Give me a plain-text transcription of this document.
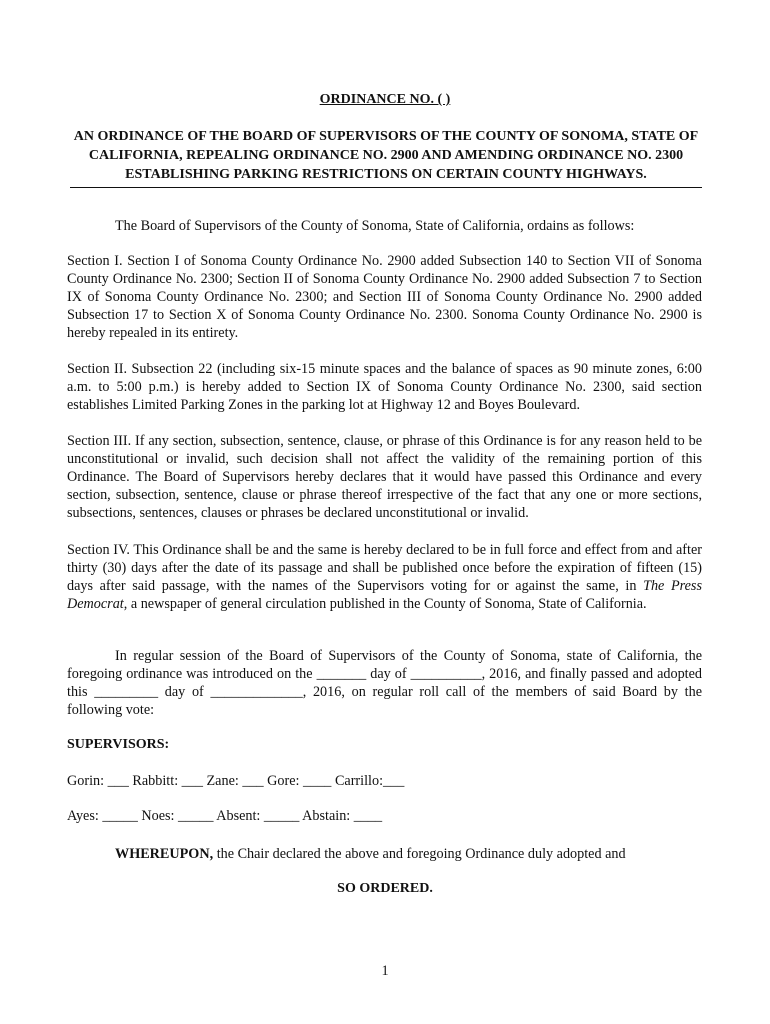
ORDINANCE NO. ( )
AN ORDINANCE OF THE BOARD OF SUPERVISORS OF THE COUNTY OF SONOMA, STATE OF CALIFORNIA, REPEALING ORDINANCE NO. 2900 AND AMENDING ORDINANCE NO. 2300 ESTABLISHING PARKING RESTRICTIONS ON CERTAIN COUNTY HIGHWAYS.

The Board of Supervisors of the County of Sonoma, State of California, ordains as follows:

Section I. Section I of Sonoma County Ordinance No. 2900 added Subsection 140 to Section VII of Sonoma County Ordinance No. 2300; Section II of Sonoma County Ordinance No. 2900 added Subsection 7 to Section IX of Sonoma County Ordinance No. 2300; and Section III of Sonoma County Ordinance No. 2900 added Subsection 17 to Section X of Sonoma County Ordinance No. 2300. Sonoma County Ordinance No. 2900 is hereby repealed in its entirety.

Section II. Subsection 22 (including six-15 minute spaces and the balance of spaces as 90 minute zones, 6:00 a.m. to 5:00 p.m.) is hereby added to Section IX of Sonoma County Ordinance No. 2300, said section establishes Limited Parking Zones in the parking lot at Highway 12 and Boyes Boulevard.

Section III. If any section, subsection, sentence, clause, or phrase of this Ordinance is for any reason held to be unconstitutional or invalid, such decision shall not affect the validity of the remaining portion of this Ordinance. The Board of Supervisors hereby declares that it would have passed this Ordinance and every section, subsection, sentence, clause or phrase thereof irrespective of the fact that any one or more sections, subsections, sentences, clauses or phrases be declared unconstitutional or invalid.

Section IV. This Ordinance shall be and the same is hereby declared to be in full force and effect from and after thirty (30) days after the date of its passage and shall be published once before the expiration of fifteen (15) days after said passage, with the names of the Supervisors voting for or against the same, in The Press Democrat, a newspaper of general circulation published in the County of Sonoma, State of California.

In regular session of the Board of Supervisors of the County of Sonoma, state of California, the foregoing ordinance was introduced on the _______ day of __________, 2016, and finally passed and adopted this _________ day of _____________, 2016, on regular roll call of the members of said Board by the following vote:

SUPERVISORS:
Gorin: ___ Rabbitt: ___ Zane: ___ Gore: ____ Carrillo:___
Ayes: _____ Noes: _____ Absent: _____ Abstain: ____
WHEREUPON, the Chair declared the above and foregoing Ordinance duly adopted and
SO ORDERED.
1
